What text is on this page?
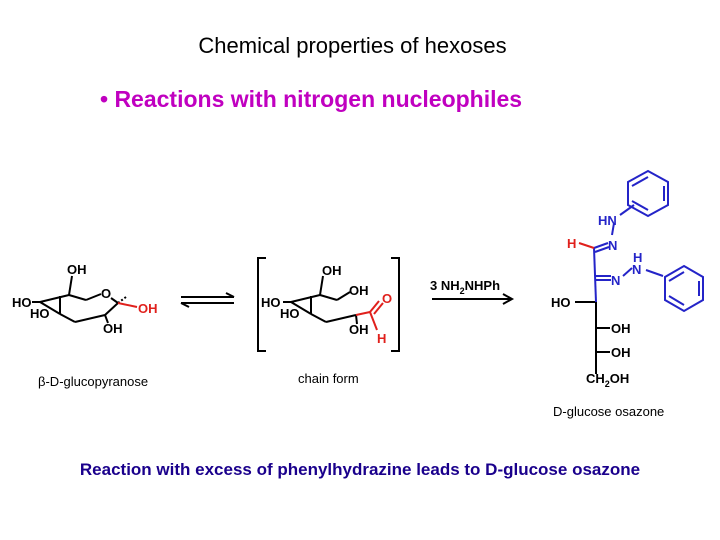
Chemical properties of hexoses
• Reactions with nitrogen nucleophiles
OH
HO
HO
O
OH
OH
β-D-glucopyranose
OH
OH
HO
HO
O
OH
H
chain form
3 $NH_2NHPh$
HN
N
H
H
N
N
HO
OH
OH
$CH_2OH$
D-glucose osazone
Reaction with excess of phenylhydrazine leads to D-glucose osazone
